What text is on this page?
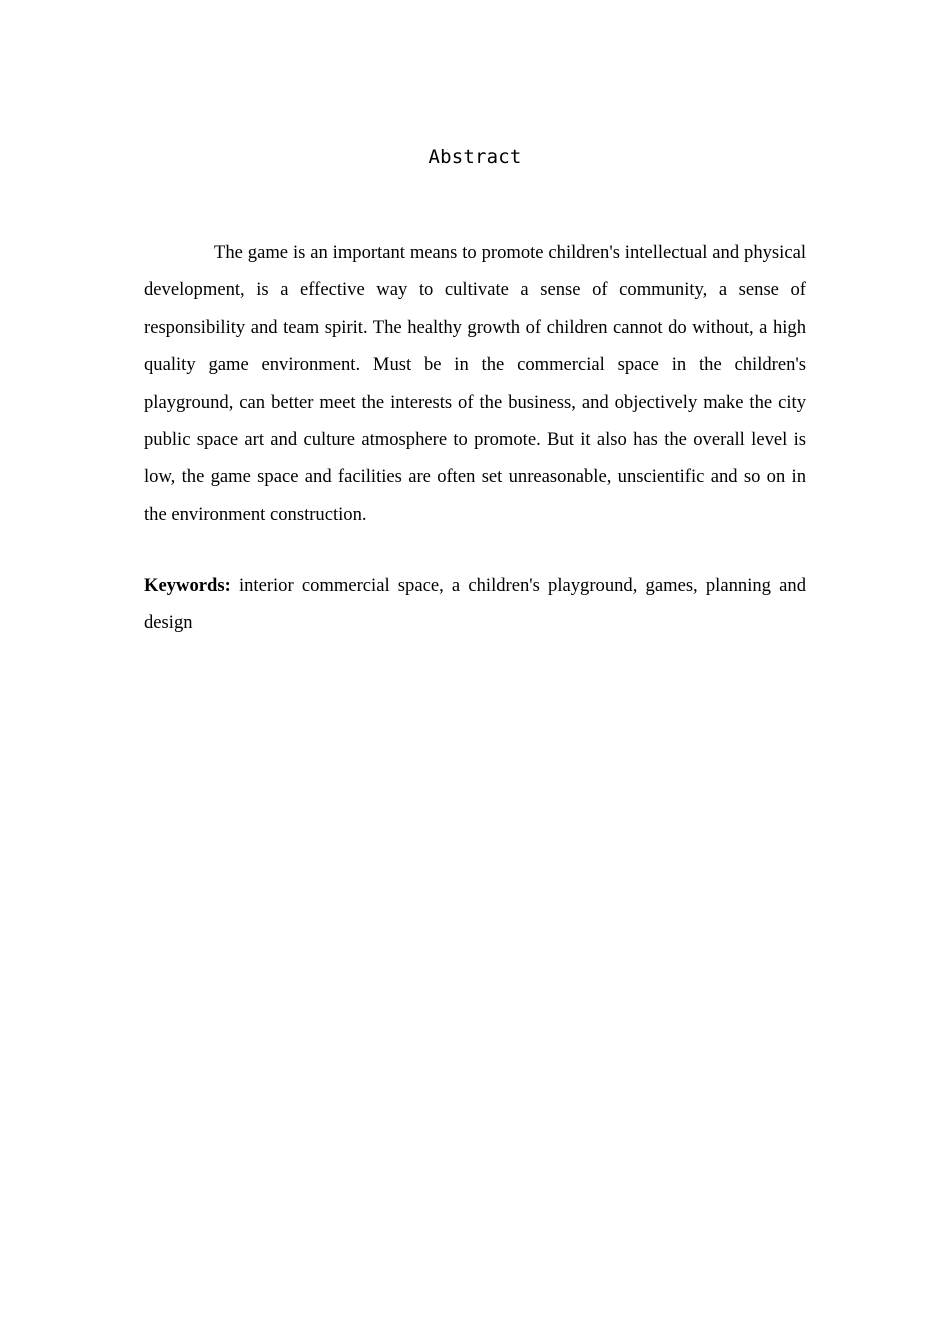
Abstract

The game is an important means to promote children's intellectual and physical development, is a effective way to cultivate a sense of community, a sense of responsibility and team spirit. The healthy growth of children cannot do without, a high quality game environment. Must be in the commercial space in the children's playground, can better meet the interests of the business, and objectively make the city public space art and culture atmosphere to promote. But it also has the overall level is low, the game space and facilities are often set unreasonable, unscientific and so on in the environment construction.

Keywords: interior commercial space, a children's playground, games, planning and design
